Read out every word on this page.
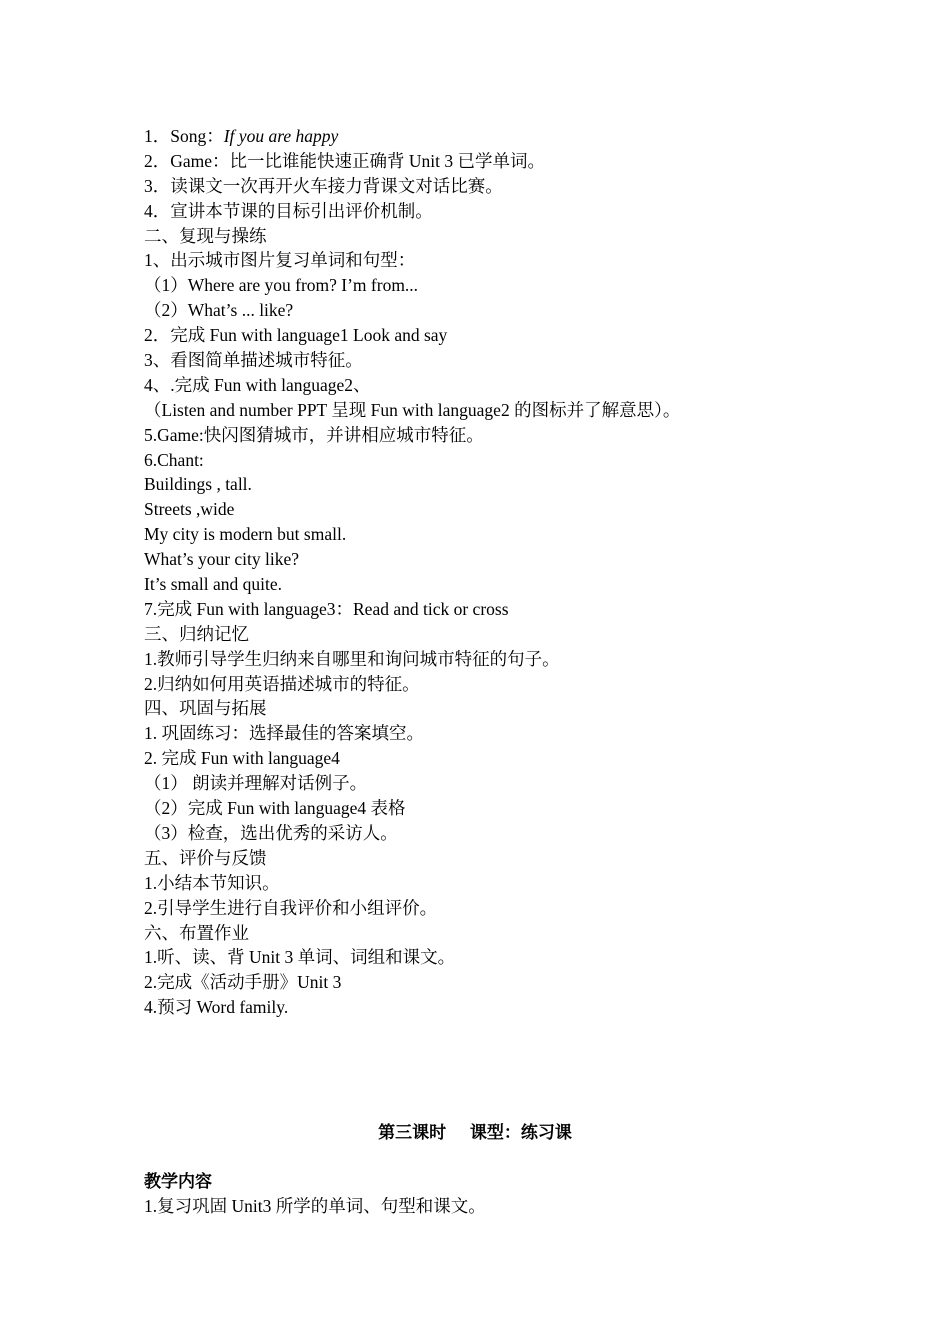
1．Song：If you are happy
2．Game：比一比谁能快速正确背 Unit 3 已学单词。
3．读课文一次再开火车接力背课文对话比赛。
4．宣讲本节课的目标引出评价机制。
二、复现与操练
1、出示城市图片复习单词和句型：
（1）Where are you from? I’m from...
（2）What’s ... like?
2．完成 Fun with language1 Look and say
3、看图简单描述城市特征。
4、.完成 Fun with language2、
（Listen and number PPT 呈现 Fun with language2 的图标并了解意思）。
5.Game:快闪图猜城市，并讲相应城市特征。
6.Chant:
Buildings , tall.
Streets ,wide
My city is modern but small.
What’s your city like?
It’s small and quite.
7.完成 Fun with language3：Read and tick or cross
三、归纳记忆
1.教师引导学生归纳来自哪里和询问城市特征的句子。
2.归纳如何用英语描述城市的特征。
四、巩固与拓展
1. 巩固练习：选择最佳的答案填空。
2. 完成 Fun with language4
（1） 朗读并理解对话例子。
（2）完成 Fun with language4 表格
（3）检查，选出优秀的采访人。
五、评价与反馈
1.小结本节知识。
2.引导学生进行自我评价和小组评价。
六、布置作业
1.听、读、背 Unit 3 单词、词组和课文。
2.完成《活动手册》Unit 3
4.预习 Word family.
第三课时    课型：练习课
教学内容
1.复习巩固 Unit3 所学的单词、句型和课文。
